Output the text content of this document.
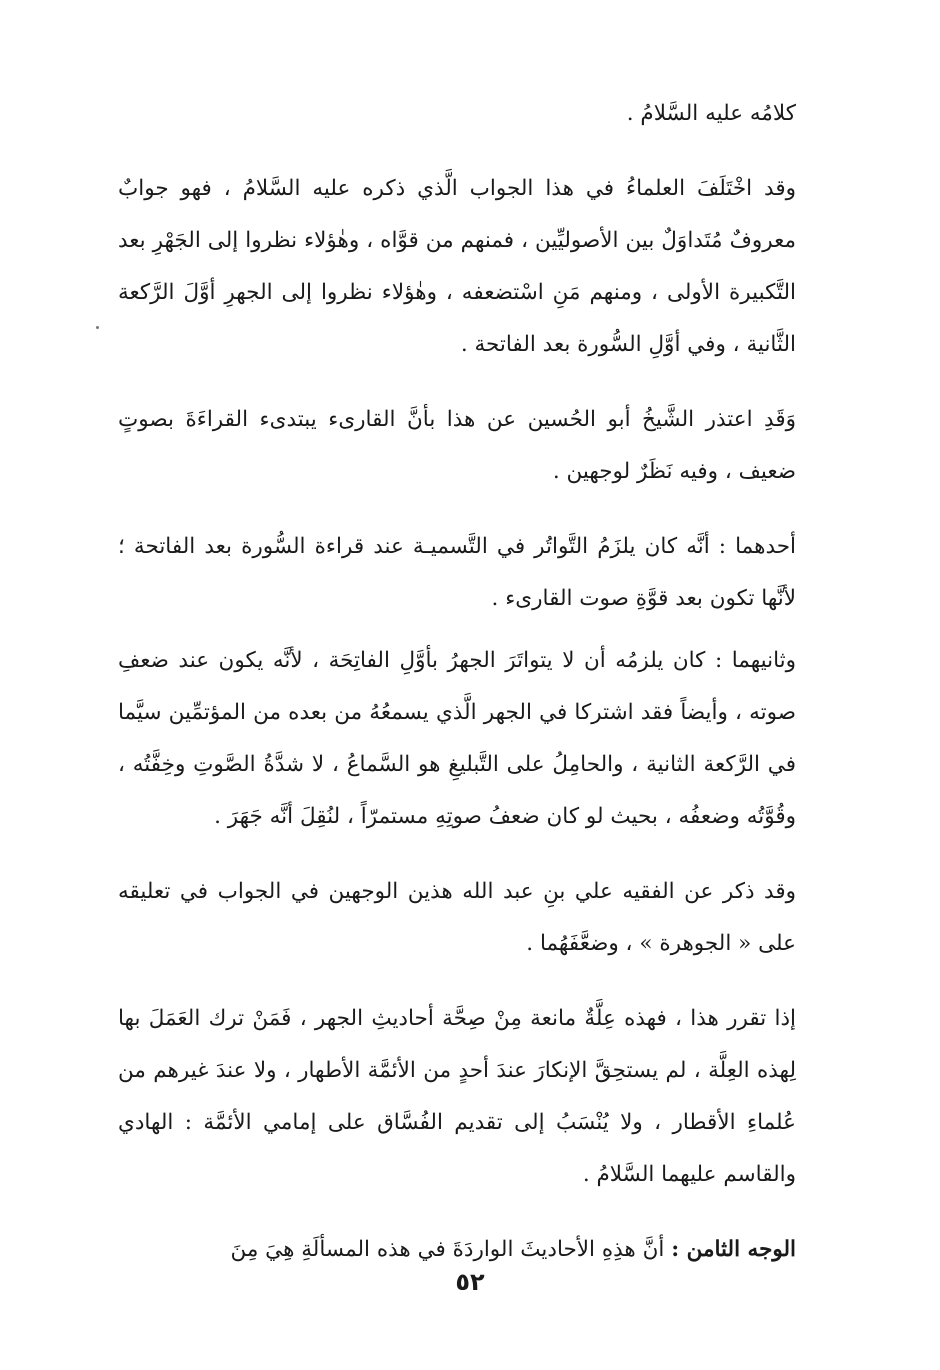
كلامُه عليه السَّلامُ .

وقد اخْتَلَفَ العلماءُ في هذا الجواب الَّذي ذكره عليه السَّلامُ ، فهو جوابٌ معروفٌ مُتَداوَلٌ بين الأصوليِّين ، فمنهم من قوَّاه ، وهٰؤلاء نظروا إلى الجَهْرِ بعد التَّكبيرة الأولى ، ومنهم مَنِ اسْتضعفه ، وهٰؤلاء نظروا إلى الجهرِ أوَّلَ الرَّكعة الثَّانية ، وفي أوَّلِ السُّورة بعد الفاتحة .

وَقَدِ اعتذر الشَّيخُ أبو الحُسين عن هذا بأنَّ القارىء يبتدىء القراءَةَ بصوتٍ ضعيف ، وفيه نَظَرٌ لوجهين .

أحدهما : أنَّه كان يلزَمُ التَّواتُر في التَّسميـة عند قراءة السُّورة بعد الفاتحة ؛ لأنَّها تكون بعد قوَّةِ صوت القارىء .

وثانيهما : كان يلزمُه أن لا يتواتَرَ الجهرُ بأوَّلِ الفاتِحَة ، لأنَّه يكون عند ضعفِ صوته ، وأيضاً فقد اشتركا في الجهر الَّذي يسمعُهُ من بعده من المؤتمِّين سيَّما في الرَّكعة الثانية ، والحامِلُ على التَّبليغِ هو السَّماعُ ، لا شدَّةُ الصَّوتِ وخِفَّتُه ، وقُوَّتُه وضعفُه ، بحيث لو كان ضعفُ صوتِهِ مستمرّاً ، لنُقِلَ أنَّه جَهَرَ .

وقد ذكر عن الفقيه علي بنِ عبد الله هذين الوجهين في الجواب في تعليقه على « الجوهرة » ، وضعَّفَهُما .

إذا تقرر هذا ، فهذه عِلَّةٌ مانعة مِنْ صِحَّة أحاديثِ الجهر ، فَمَنْ ترك العَمَلَ بها لِهذه العِلَّة ، لم يستحِقَّ الإنكارَ عندَ أحدٍ من الأئمَّة الأطهار ، ولا عندَ غيرهم من عُلماءِ الأقطار ، ولا يُنْسَبُ إلى تقديم الفُسَّاق على إمامي الأئمَّة : الهادي والقاسم عليهما السَّلامُ .

الوجه الثامن : أنَّ هذِهِ الأحاديثَ الواردَةَ في هذه المسألَةِ هِيَ مِنَ

٥٢
